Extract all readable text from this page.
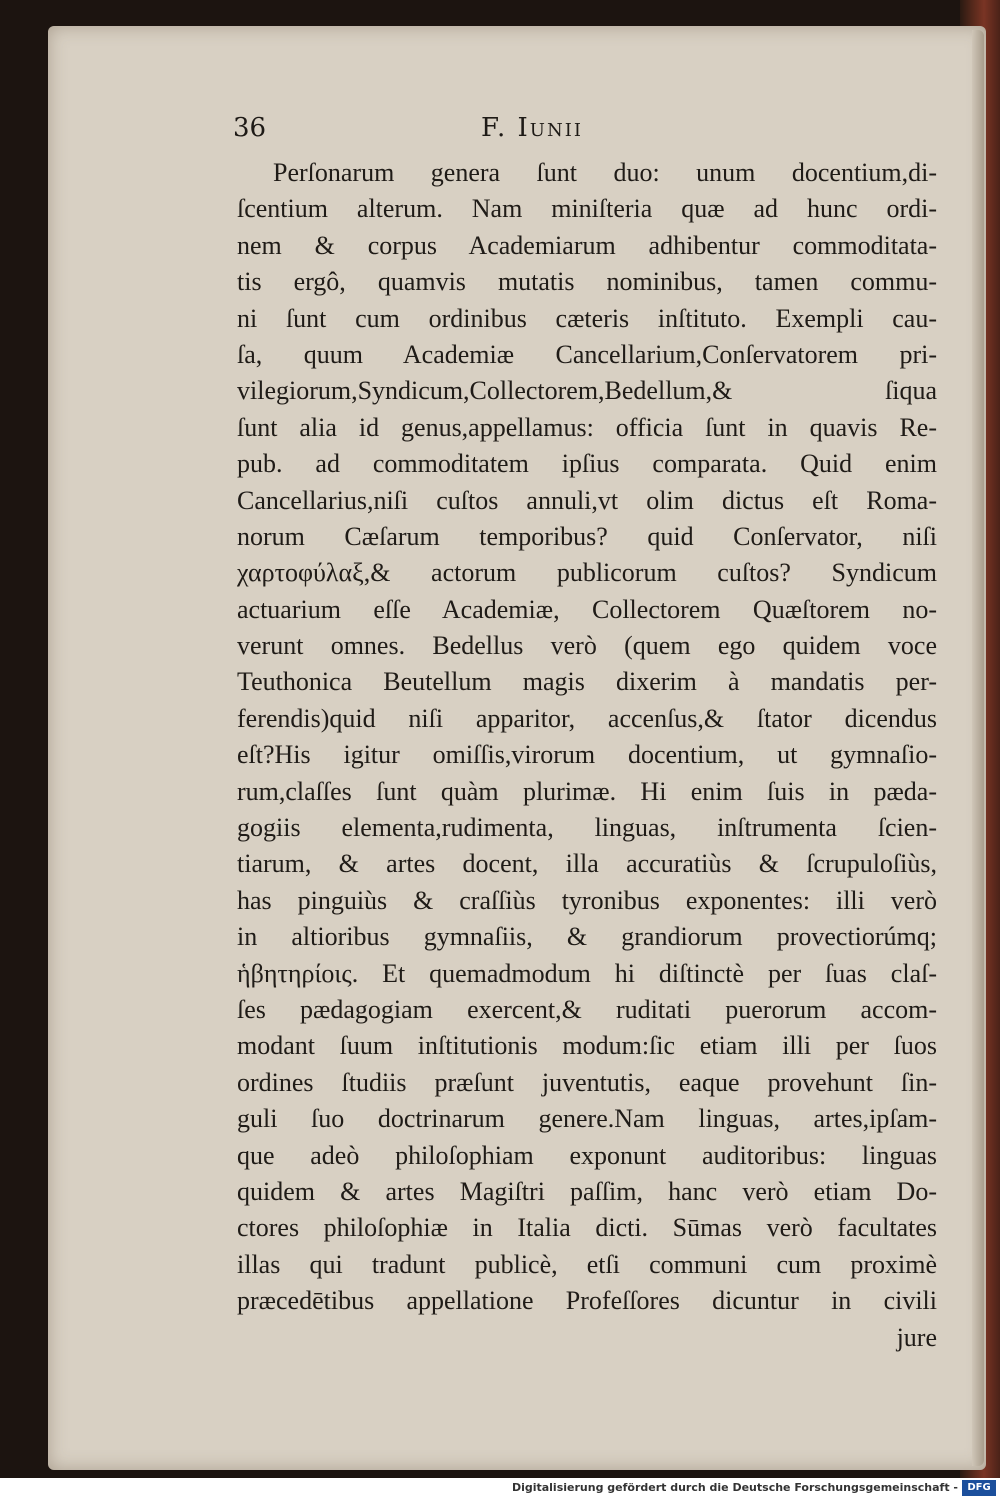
36	F. Iunii
Perſonarum genera ſunt duo: unum docentium,di-
ſcentium alterum. Nam miniſteria quæ ad hunc ordi-
nem & corpus Academiarum adhibentur commoditata-
tis ergô, quamvis mutatis nominibus, tamen commu-
ni ſunt cum ordinibus cæteris inſtituto. Exempli cau-
ſa, quum Academiæ Cancellarium,Conſervatorem pri-
vilegiorum,Syndicum,Collectorem,Bedellum,& ſiqua
ſunt alia id genus,appellamus: officia ſunt in quavis Re-
pub. ad commoditatem ipſius comparata. Quid enim
Cancellarius,niſi cuſtos annuli,vt olim dictus eſt Roma-
norum Cæſarum temporibus? quid Conſervator, niſi
χαρτοφύλαξ,& actorum publicorum cuſtos? Syndicum
actuarium eſſe Academiæ, Collectorem Quæſtorem no-
verunt omnes. Bedellus verò (quem ego quidem voce
Teuthonica Beutellum magis dixerim à mandatis per-
ferendis)quid niſi apparitor, accenſus,& ſtator dicendus
eſt?His igitur omiſſis,virorum docentium, ut gymnaſio-
rum,claſſes ſunt quàm plurimæ. Hi enim ſuis in pæda-
gogiis elementa,rudimenta, linguas, inſtrumenta ſcien-
tiarum, & artes docent, illa accuratiùs & ſcrupuloſiùs,
has pinguiùs & craſſiùs tyronibus exponentes: illi verò
in altioribus gymnaſiis, & grandiorum provectiorúmq;
ἡβητηρίοις. Et quemadmodum hi diſtinctè per ſuas claſ-
ſes pædagogiam exercent,& ruditati puerorum accom-
modant ſuum inſtitutionis modum:ſic etiam illi per ſuos
ordines ſtudiis præſunt juventutis, eaque provehunt ſin-
guli ſuo doctrinarum genere.Nam linguas, artes,ipſam-
que adeò philoſophiam exponunt auditoribus: linguas
quidem & artes Magiſtri paſſim, hanc verò etiam Do-
ctores philoſophiæ in Italia dicti. Sūmas verò facultates
illas qui tradunt publicè, etſi communi cum proximè
præcedētibus appellatione Profeſſores dicuntur in civili
jure
Digitalisierung gefördert durch die Deutsche Forschungsgemeinschaft - DFG
